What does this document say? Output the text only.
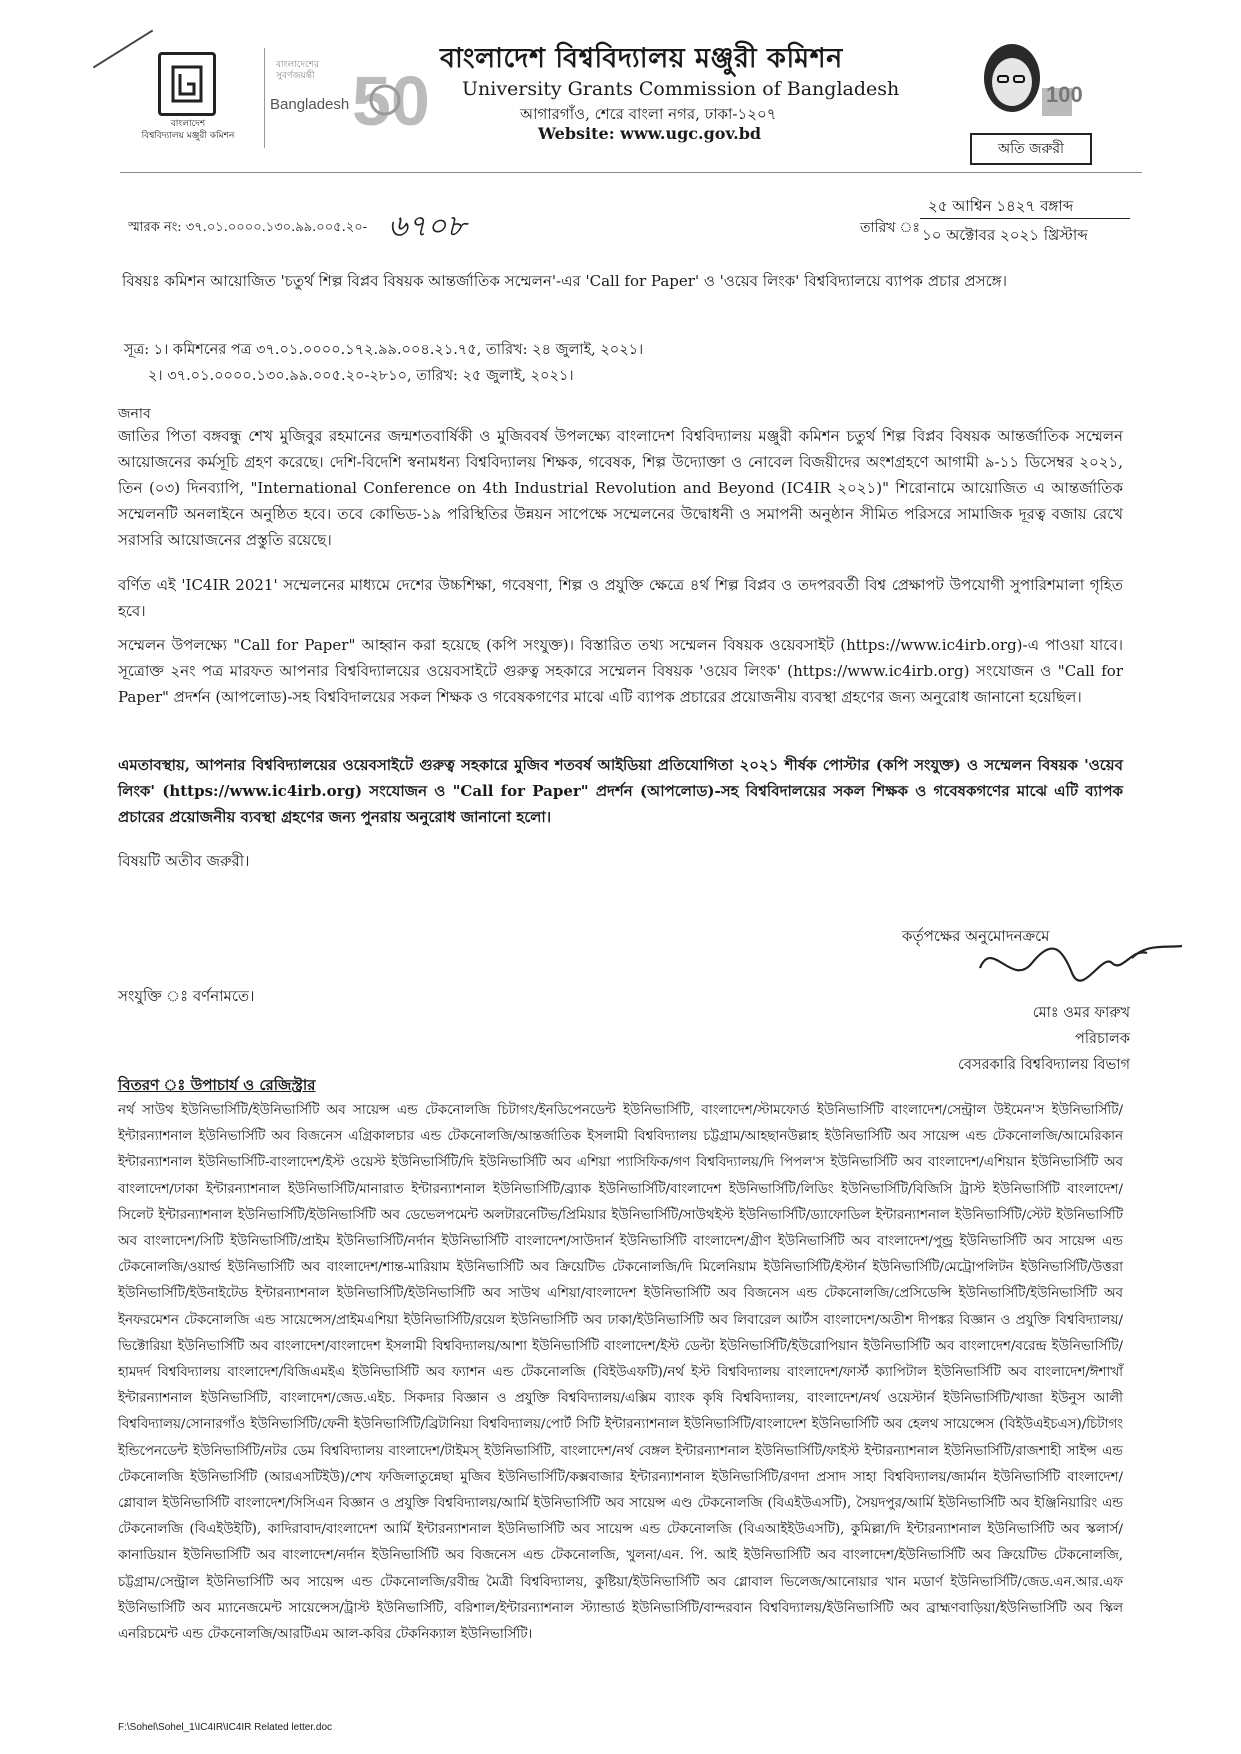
বাংলাদেশ
বিশ্ববিদ্যালয় মঞ্জুরী কমিশন 50
বাংলাদেশের সুবর্ণজয়ন্তী
Bangladesh
বাংলাদেশ বিশ্ববিদ্যালয় মঞ্জুরী কমিশন
University Grants Commission of Bangladesh
আগারগাঁও, শেরে বাংলা নগর, ঢাকা-১২০৭
Website: www.ugc.gov.bd
100
অতি জরুরী
স্মারক নং: ৩৭.০১.০০০০.১৩০.৯৯.০০৫.২০- ৬৭০৮	তারিখ ঃ
২৫ আশ্বিন ১৪২৭ বঙ্গাব্দ
১০ অক্টোবর ২০২১ খ্রিস্টাব্দ
বিষয়ঃ কমিশন আয়োজিত 'চতুর্থ শিল্প বিপ্লব বিষয়ক আন্তর্জাতিক সম্মেলন'-এর 'Call for Paper' ও 'ওয়েব লিংক' বিশ্ববিদ্যালয়ে ব্যাপক প্রচার প্রসঙ্গে।
সূত্র: ১। কমিশনের পত্র ৩৭.০১.০০০০.১৭২.৯৯.০০৪.২১.৭৫, তারিখ: ২৪ জুলাই, ২০২১।
২। ৩৭.০১.০০০০.১৩০.৯৯.০০৫.২০-২৮১০, তারিখ: ২৫ জুলাই, ২০২১।
জনাব
জাতির পিতা বঙ্গবন্ধু শেখ মুজিবুর রহমানের জন্মশতবার্ষিকী ও মুজিববর্ষ উপলক্ষ্যে বাংলাদেশ বিশ্ববিদ্যালয় মঞ্জুরী কমিশন চতুর্থ শিল্প বিপ্লব বিষয়ক আন্তর্জাতিক সম্মেলন আয়োজনের কর্মসূচি গ্রহণ করেছে। দেশি-বিদেশি স্বনামধন্য বিশ্ববিদ্যালয় শিক্ষক, গবেষক, শিল্প উদ্যোক্তা ও নোবেল বিজয়ীদের অংশগ্রহণে আগামী ৯-১১ ডিসেম্বর ২০২১, তিন (০৩) দিনব্যাপি, "International Conference on 4th Industrial Revolution and Beyond (IC4IR ২০২১)" শিরোনামে আয়োজিত এ আন্তর্জাতিক সম্মেলনটি অনলাইনে অনুষ্ঠিত হবে। তবে কোভিড-১৯ পরিস্থিতির উন্নয়ন সাপেক্ষে সম্মেলনের উদ্বোধনী ও সমাপনী অনুষ্ঠান সীমিত পরিসরে সামাজিক দূরত্ব বজায় রেখে সরাসরি আয়োজনের প্রস্তুতি রয়েছে।
বর্ণিত এই 'IC4IR 2021' সম্মেলনের মাধ্যমে দেশের উচ্চশিক্ষা, গবেষণা, শিল্প ও প্রযুক্তি ক্ষেত্রে ৪র্থ শিল্প বিপ্লব ও তদপরবর্তী বিশ্ব প্রেক্ষাপট উপযোগী সুপারিশমালা গৃহিত হবে।
সম্মেলন উপলক্ষ্যে "Call for Paper" আহ্বান করা হয়েছে (কপি সংযুক্ত)। বিস্তারিত তথ্য সম্মেলন বিষয়ক ওয়েবসাইট (https://www.ic4irb.org)-এ পাওয়া যাবে। সূত্রোক্ত ২নং পত্র মারফত আপনার বিশ্ববিদ্যালয়ের ওয়েবসাইটে গুরুত্ব সহকারে সম্মেলন বিষয়ক 'ওয়েব লিংক' (https://www.ic4irb.org) সংযোজন ও "Call for Paper" প্রদর্শন (আপলোড)-সহ বিশ্ববিদালয়ের সকল শিক্ষক ও গবেষকগণের মাঝে এটি ব্যাপক প্রচারের প্রয়োজনীয় ব্যবস্থা গ্রহণের জন্য অনুরোধ জানানো হয়েছিল।
এমতাবস্থায়, আপনার বিশ্ববিদ্যালয়ের ওয়েবসাইটে গুরুত্ব সহকারে মুজিব শতবর্ষ আইডিয়া প্রতিযোগিতা ২০২১ শীর্ষক পোস্টার (কপি সংযুক্ত) ও সম্মেলন বিষয়ক 'ওয়েব লিংক' (https://www.ic4irb.org) সংযোজন ও "Call for Paper" প্রদর্শন (আপলোড)-সহ বিশ্ববিদালয়ের সকল শিক্ষক ও গবেষকগণের মাঝে এটি ব্যাপক প্রচারের প্রয়োজনীয় ব্যবস্থা গ্রহণের জন্য পুনরায় অনুরোধ জানানো হলো।
বিষয়টি অতীব জরুরী।
কর্তৃপক্ষের অনুমোদনক্রমে
সংযুক্তি ঃ বর্ণনামতে।
মোঃ ওমর ফারুখ
পরিচালক
বেসরকারি বিশ্ববিদ্যালয় বিভাগ
বিতরণ ঃ উপাচার্য ও রেজিস্ট্রার
নর্থ সাউথ ইউনিভার্সিটি/ইউনিভার্সিটি অব সায়েন্স এন্ড টেকনোলজি চিটাগং/ইনডিপেনডেন্ট ইউনিভার্সিটি, বাংলাদেশ/স্টামফোর্ড ইউনিভার্সিটি বাংলাদেশ/সেন্ট্রাল উইমেন'স ইউনিভার্সিটি/ইন্টারন্যাশনাল ইউনিভার্সিটি অব বিজনেস এগ্রিকালচার এন্ড টেকনোলজি/আন্তর্জাতিক ইসলামী বিশ্ববিদ্যালয় চট্টগ্রাম/আহছানউল্লাহ ইউনিভার্সিটি অব সায়েন্স এন্ড টেকনোলজি/আমেরিকান ইন্টারন্যাশনাল ইউনিভার্সিটি-বাংলাদেশ/ইস্ট ওয়েস্ট ইউনিভার্সিটি/দি ইউনিভার্সিটি অব এশিয়া প্যাসিফিক/গণ বিশ্ববিদ্যালয়/দি পিপল'স ইউনিভার্সিটি অব বাংলাদেশ/এশিয়ান ইউনিভার্সিটি অব বাংলাদেশ/ঢাকা ইন্টারন্যাশনাল ইউনিভার্সিটি/মানারাত ইন্টারন্যাশনাল ইউনিভার্সিটি/ব্র্যাক ইউনিভার্সিটি/বাংলাদেশ ইউনিভার্সিটি/লিডিং ইউনিভার্সিটি/বিজিসি ট্রাস্ট ইউনিভার্সিটি বাংলাদেশ/সিলেট ইন্টারন্যাশনাল ইউনিভার্সিটি/ইউনিভার্সিটি অব ডেভেলপমেন্ট অলটারনেটিভ/প্রিমিয়ার ইউনিভার্সিটি/সাউথইস্ট ইউনিভার্সিটি/ড্যাফোডিল ইন্টারন্যাশনাল ইউনিভার্সিটি/স্টেট ইউনিভার্সিটি অব বাংলাদেশ/সিটি ইউনিভার্সিটি/প্রাইম ইউনিভার্সিটি/নর্দান ইউনিভার্সিটি বাংলাদেশ/সাউদার্ন ইউনিভার্সিটি বাংলাদেশ/গ্রীণ ইউনিভার্সিটি অব বাংলাদেশ/পুন্ড্র ইউনিভার্সিটি অব সায়েন্স এন্ড টেকনোলজি/ওয়ার্ল্ড ইউনিভার্সিটি অব বাংলাদেশ/শান্ত-মারিয়াম ইউনিভার্সিটি অব ক্রিয়েটিভ টেকনোলজি/দি মিলেনিয়াম ইউনিভার্সিটি/ইস্টার্ন ইউনিভার্সিটি/মেট্রোপলিটন ইউনিভার্সিটি/উত্তরা ইউনিভার্সিটি/ইউনাইটেড ইন্টারন্যাশনাল ইউনিভার্সিটি/ইউনিভার্সিটি অব সাউথ এশিয়া/বাংলাদেশ ইউনিভার্সিটি অব বিজনেস এন্ড টেকনোলজি/প্রেসিডেন্সি ইউনিভার্সিটি/ইউনিভার্সিটি অব ইনফরমেশন টেকনোলজি এন্ড সায়েন্সেস/প্রাইমএশিয়া ইউনিভার্সিটি/রয়েল ইউনিভার্সিটি অব ঢাকা/ইউনিভার্সিটি অব লিবারেল আর্টস বাংলাদেশ/অতীশ দীপঙ্কর বিজ্ঞান ও প্রযুক্তি বিশ্ববিদ্যালয়/ভিক্টোরিয়া ইউনিভার্সিটি অব বাংলাদেশ/বাংলাদেশ ইসলামী বিশ্ববিদ্যালয়/আশা ইউনিভার্সিটি বাংলাদেশ/ইস্ট ডেল্টা ইউনিভার্সিটি/ইউরোপিয়ান ইউনিভার্সিটি অব বাংলাদেশ/বরেন্দ্র ইউনিভার্সিটি/হামদর্দ বিশ্ববিদ্যালয় বাংলাদেশ/বিজিএমইএ ইউনিভার্সিটি অব ফ্যাশন এন্ড টেকনোলজি (বিইউএফটি)/নর্থ ইস্ট বিশ্ববিদ্যালয় বাংলাদেশ/ফার্স্ট ক্যাপিটাল ইউনিভার্সিটি অব বাংলাদেশ/ঈশাখাঁ ইন্টারন্যাশনাল ইউনিভার্সিটি, বাংলাদেশ/জেড.এইচ. সিকদার বিজ্ঞান ও প্রযুক্তি বিশ্ববিদ্যালয়/এক্সিম ব্যাংক কৃষি বিশ্ববিদ্যালয়, বাংলাদেশ/নর্থ ওয়েস্টার্ন ইউনিভার্সিটি/খাজা ইউনুস আলী বিশ্ববিদ্যালয়/সোনারগাঁও ইউনিভার্সিটি/ফেনী ইউনিভার্সিটি/ব্রিটানিয়া বিশ্ববিদ্যালয়/পোর্ট সিটি ইন্টারন্যাশনাল ইউনিভার্সিটি/বাংলাদেশ ইউনিভার্সিটি অব হেলথ সায়েন্সেস (বিইউএইচএস)/চিটাগং ইন্ডিপেনডেন্ট ইউনিভার্সিটি/নটর ডেম বিশ্ববিদ্যালয় বাংলাদেশ/টাইমস্ ইউনিভার্সিটি, বাংলাদেশ/নর্থ বেঙ্গল ইন্টারন্যাশনাল ইউনিভার্সিটি/ফাইস্ট ইন্টারন্যাশনাল ইউনিভার্সিটি/রাজশাহী সাইন্স এন্ড টেকনোলজি ইউনিভার্সিটি (আরএসটিইউ)/শেখ ফজিলাতুন্নেছা মুজিব ইউনিভার্সিটি/কক্সবাজার ইন্টারন্যাশনাল ইউনিভার্সিটি/রণদা প্রসাদ সাহা বিশ্ববিদ্যালয়/জার্মান ইউনিভার্সিটি বাংলাদেশ/গ্লোবাল ইউনিভার্সিটি বাংলাদেশ/সিসিএন বিজ্ঞান ও প্রযুক্তি বিশ্ববিদ্যালয়/আর্মি ইউনিভার্সিটি অব সায়েন্স এণ্ড টেকনোলজি (বিএইউএসটি), সৈয়দপুর/আর্মি ইউনিভার্সিটি অব ইঞ্জিনিয়ারিং এন্ড টেকনোলজি (বিএইউইটি), কাদিরাবাদ/বাংলাদেশ আর্মি ইন্টারন্যাশনাল ইউনিভার্সিটি অব সায়েন্স এন্ড টেকনোলজি (বিএআইইউএসটি), কুমিল্লা/দি ইন্টারন্যাশনাল ইউনিভার্সিটি অব স্কলার্স/কানাডিয়ান ইউনিভার্সিটি অব বাংলাদেশ/নর্দান ইউনিভার্সিটি অব বিজনেস এন্ড টেকনোলজি, খুলনা/এন. পি. আই ইউনিভার্সিটি অব বাংলাদেশ/ইউনিভার্সিটি অব ক্রিয়েটিভ টেকনোলজি, চট্টগ্রাম/সেন্ট্রাল ইউনিভার্সিটি অব সায়েন্স এন্ড টেকনোলজি/রবীন্দ্র মৈত্রী বিশ্ববিদ্যালয়, কুষ্টিয়া/ইউনিভার্সিটি অব গ্লোবাল ভিলেজ/আনোয়ার খান মডার্ণ ইউনিভার্সিটি/জেড.এন.আর.এফ ইউনিভার্সিটি অব ম্যানেজমেন্ট সায়েন্সেস/ট্রাস্ট ইউনিভার্সিটি, বরিশাল/ইন্টারন্যাশনাল স্ট্যান্ডার্ড ইউনিভার্সিটি/বান্দরবান বিশ্ববিদ্যালয়/ইউনিভার্সিটি অব ব্রাহ্মণবাড়িয়া/ইউনিভার্সিটি অব স্কিল এনরিচমেন্ট এন্ড টেকনোলজি/আরটিএম আল-কবির টেকনিক্যাল ইউনিভার্সিটি।
F:\Sohel\Sohel_1\IC4IR\IC4IR Related letter.doc
